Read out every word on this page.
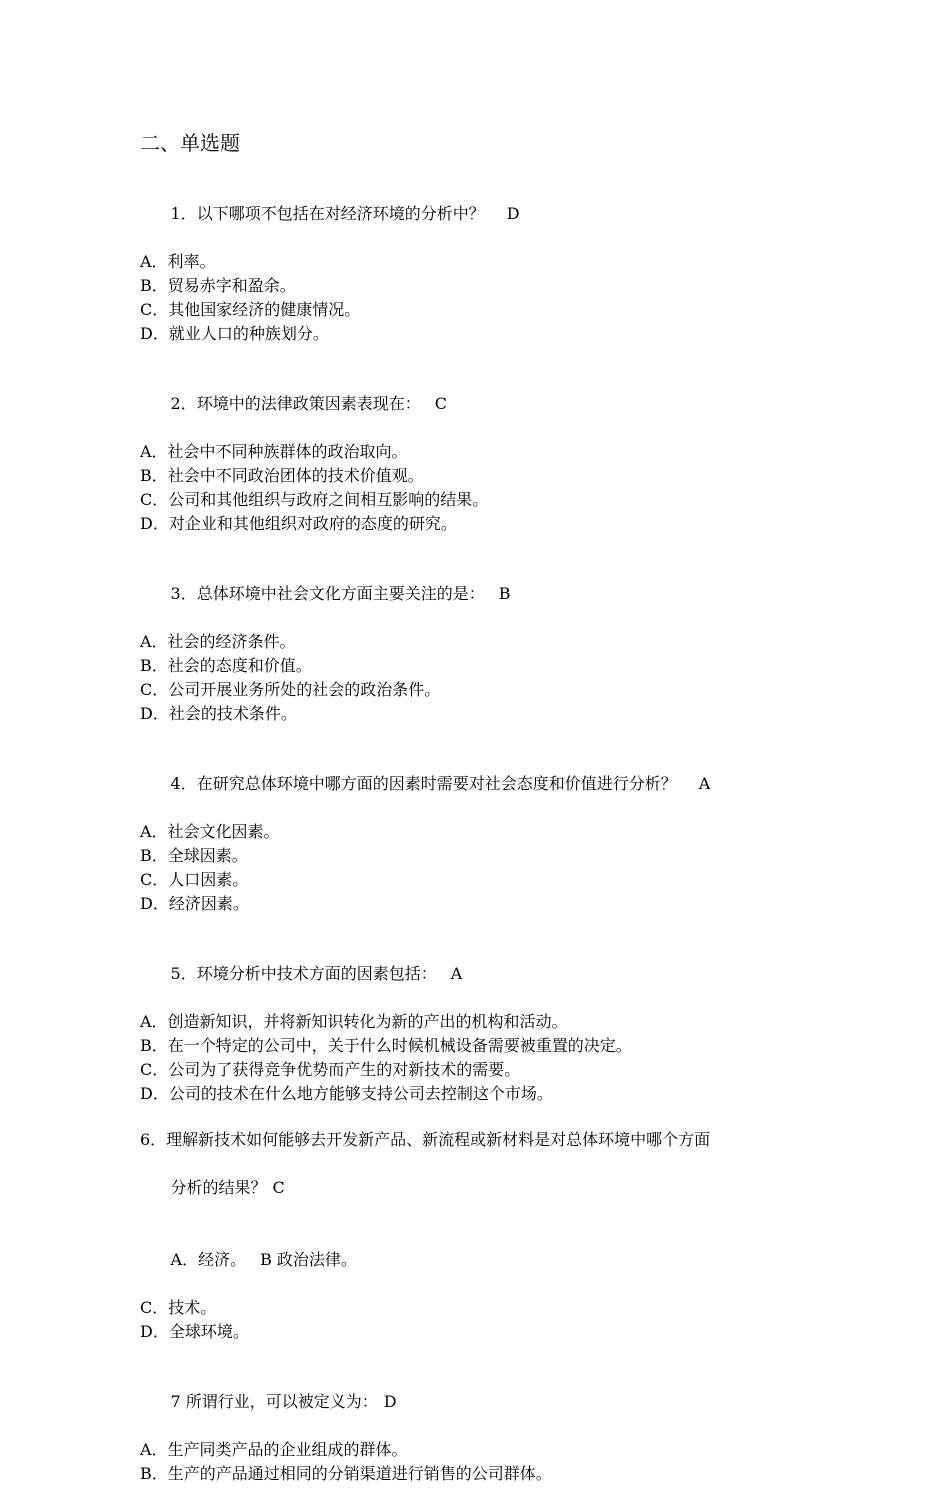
二、单选题

1．以下哪项不包括在对经济环境的分析中？　D

A．利率。
B．贸易赤字和盈余。
C．其他国家经济的健康情况。
D．就业人口的种族划分。

2．环境中的法律政策因素表现在：　C

A．社会中不同种族群体的政治取向。
B．社会中不同政治团体的技术价值观。
C．公司和其他组织与政府之间相互影响的结果。
D．对企业和其他组织对政府的态度的研究。

3．总体环境中社会文化方面主要关注的是：　B

A．社会的经济条件。
B．社会的态度和价值。
C．公司开展业务所处的社会的政治条件。
D．社会的技术条件。

4．在研究总体环境中哪方面的因素时需要对社会态度和价值进行分析？　A

A．社会文化因素。
B．全球因素。
C．人口因素。
D．经济因素。

5．环境分析中技术方面的因素包括：　A

A．创造新知识，并将新知识转化为新的产出的机构和活动。
B．在一个特定的公司中，关于什么时候机械设备需要被重置的决定。
C．公司为了获得竞争优势而产生的对新技术的需要。
D．公司的技术在什么地方能够支持公司去控制这个市场。
6．理解新技术如何能够去开发新产品、新流程或新材料是对总体环境中哪个方面

分析的结果？ C

A．经济。 B 政治法律。

C．技术。
D．全球环境。

7 所谓行业，可以被定义为： D

A．生产同类产品的企业组成的群体。
B．生产的产品通过相同的分销渠道进行销售的公司群体。
